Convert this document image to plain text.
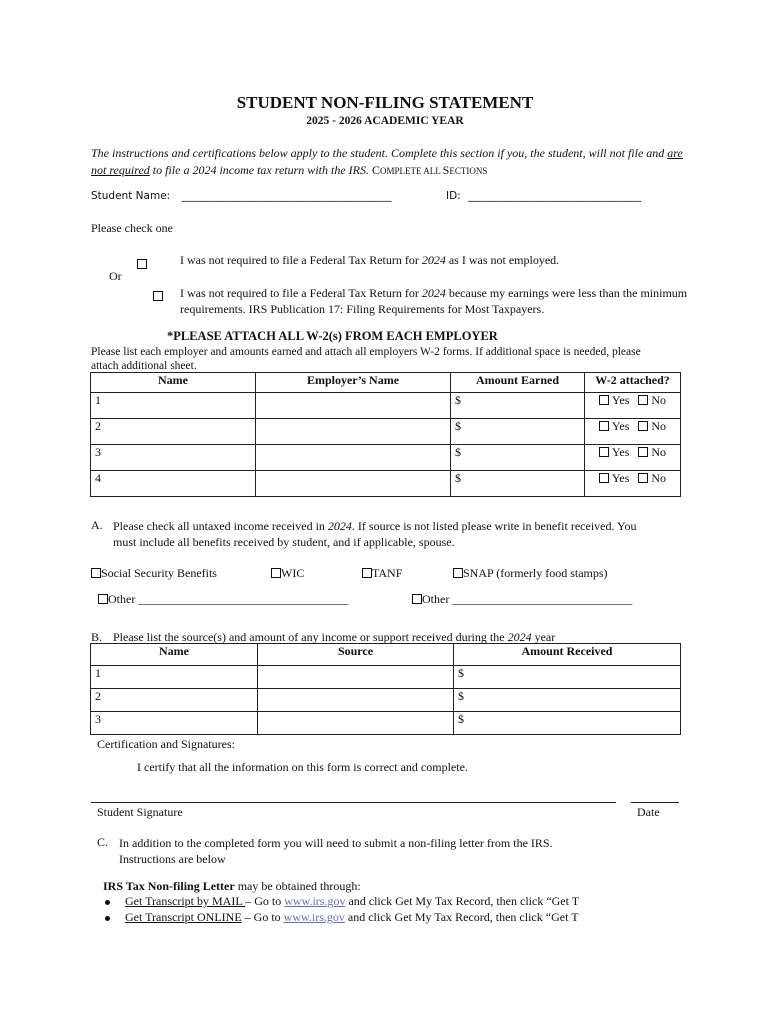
STUDENT NON-FILING STATEMENT
2025 - 2026 ACADEMIC YEAR
The instructions and certifications below apply to the student. Complete this section if you, the student, will not file and are
not required to file a 2024 income tax return with the IRS. COMPLETE ALL SECTIONS
Student Name: ________________________________________	ID: _________________________________
Please check one

I was not required to file a Federal Tax Return for 2024 as I was not employed.
Or
I was not required to file a Federal Tax Return for 2024 because my earnings were less than the minimum
requirements. IRS Publication 17: Filing Requirements for Most Taxpayers.
*PLEASE ATTACH ALL W-2(s) FROM EACH EMPLOYER
Please list each employer and amounts earned and attach all employers W-2 forms. If additional space is needed, please
attach additional sheet.
Name	Employer’s Name	Amount Earned	W-2 attached?
1		$	Yes No
2		$	Yes No
3		$	Yes No
4		$	Yes No
A. Please check all untaxed income received in 2024. If source is not listed please write in benefit received. You
must include all benefits received by student, and if applicable, spouse.
Social Security Benefits	WIC	TANF	SNAP (formerly food stamps)
Other ___________________________________	Other ______________________________
B. Please list the source(s) and amount of any income or support received during the 2024 year
Name	Source	Amount Received
1		$
2		$
3		$
Certification and Signatures:
I certify that all the information on this form is correct and complete.
Student Signature	Date
C. In addition to the completed form you will need to submit a non-filing letter from the IRS.
Instructions are below
IRS Tax Non-filing Letter may be obtained through:
Get Transcript by MAIL – Go to www.irs.gov and click Get My Tax Record, then click “Get T
Get Transcript ONLINE – Go to www.irs.gov and click Get My Tax Record, then click “Get T
